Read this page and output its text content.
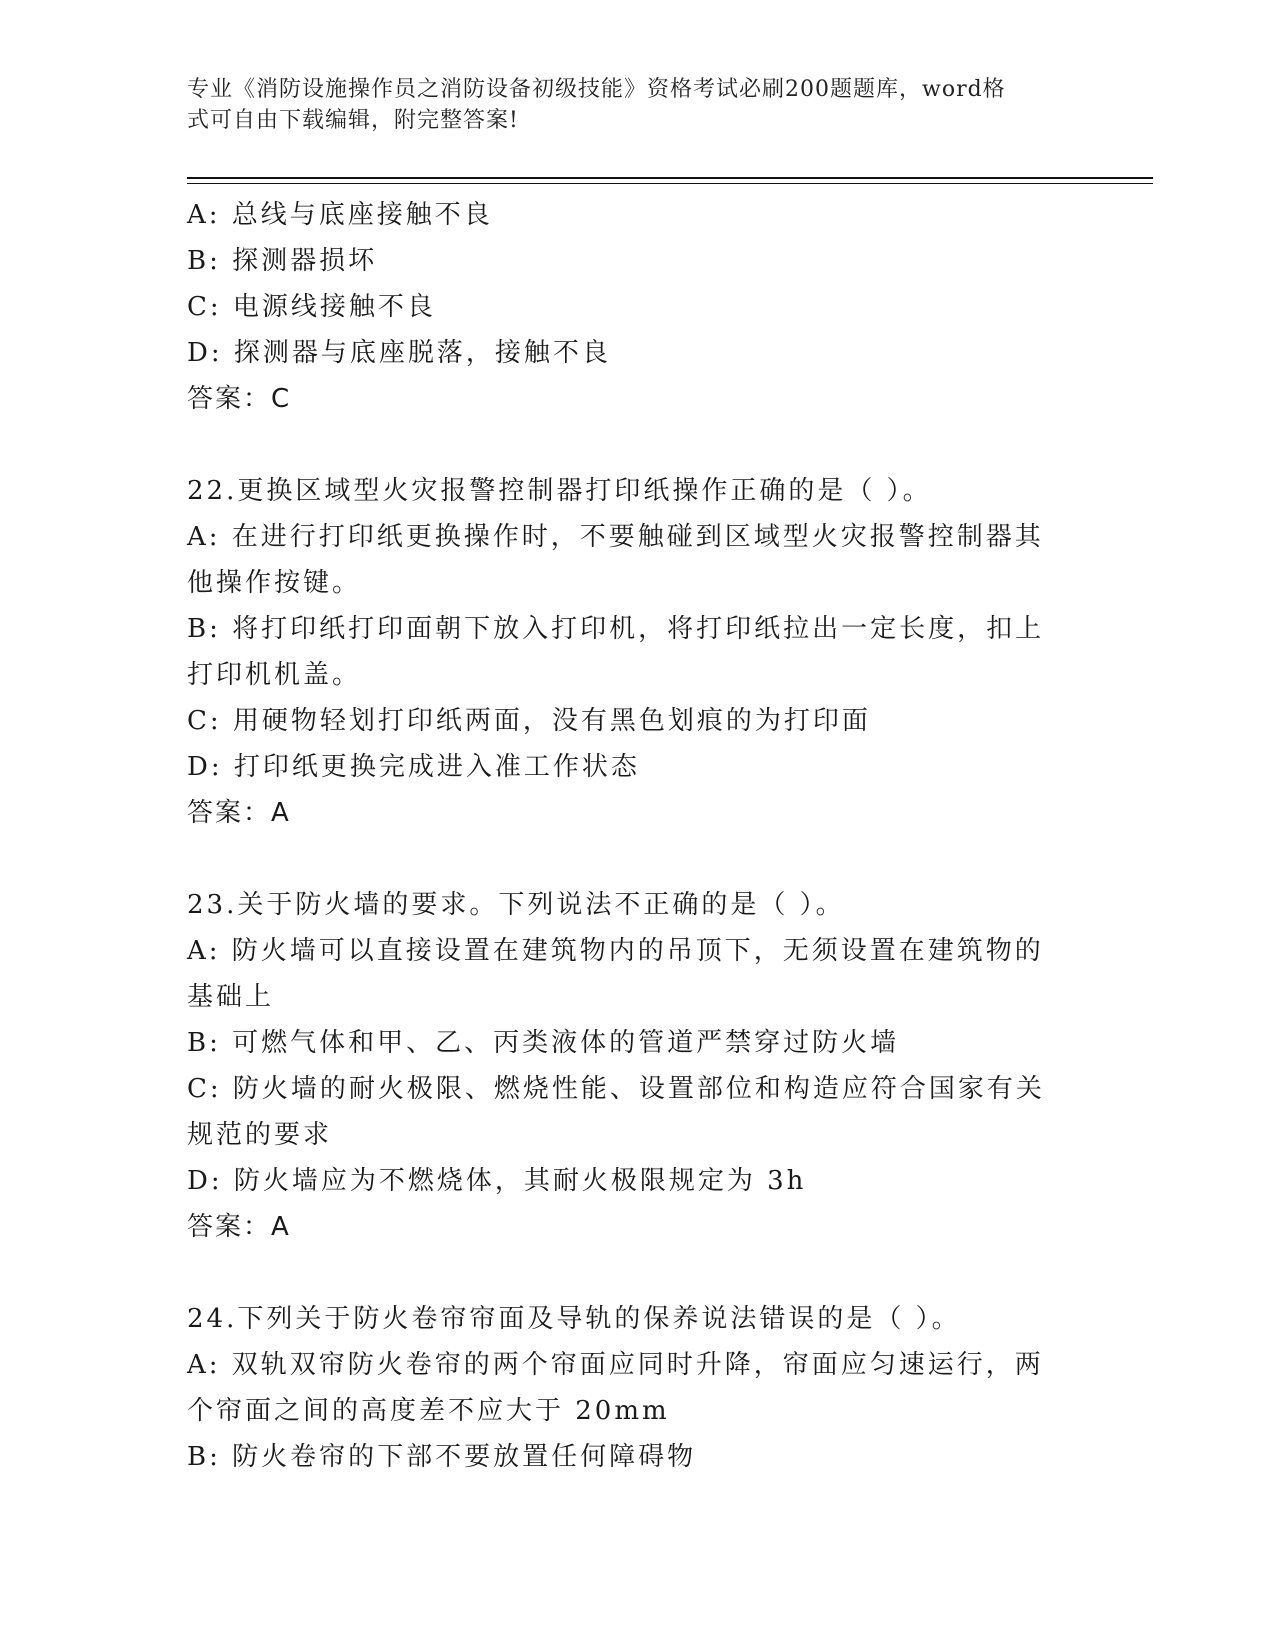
专业《消防设施操作员之消防设备初级技能》资格考试必刷200题题库，word格
式可自由下载编辑，附完整答案!
A: 总线与底座接触不良
B: 探测器损坏
C: 电源线接触不良
D: 探测器与底座脱落，接触不良
答案：C
22.更换区域型火灾报警控制器打印纸操作正确的是（ ）。
A: 在进行打印纸更换操作时，不要触碰到区域型火灾报警控制器其他操作按键。
B: 将打印纸打印面朝下放入打印机，将打印纸拉出一定长度，扣上打印机机盖。
C: 用硬物轻划打印纸两面，没有黑色划痕的为打印面
D: 打印纸更换完成进入准工作状态
答案：A
23.关于防火墙的要求。下列说法不正确的是（ ）。
A: 防火墙可以直接设置在建筑物内的吊顶下，无须设置在建筑物的基础上
B: 可燃气体和甲、乙、丙类液体的管道严禁穿过防火墙
C: 防火墙的耐火极限、燃烧性能、设置部位和构造应符合国家有关规范的要求
D: 防火墙应为不燃烧体，其耐火极限规定为 3h
答案：A
24.下列关于防火卷帘帘面及导轨的保养说法错误的是（ ）。
A: 双轨双帘防火卷帘的两个帘面应同时升降，帘面应匀速运行，两个帘面之间的高度差不应大于 20mm
B: 防火卷帘的下部不要放置任何障碍物
